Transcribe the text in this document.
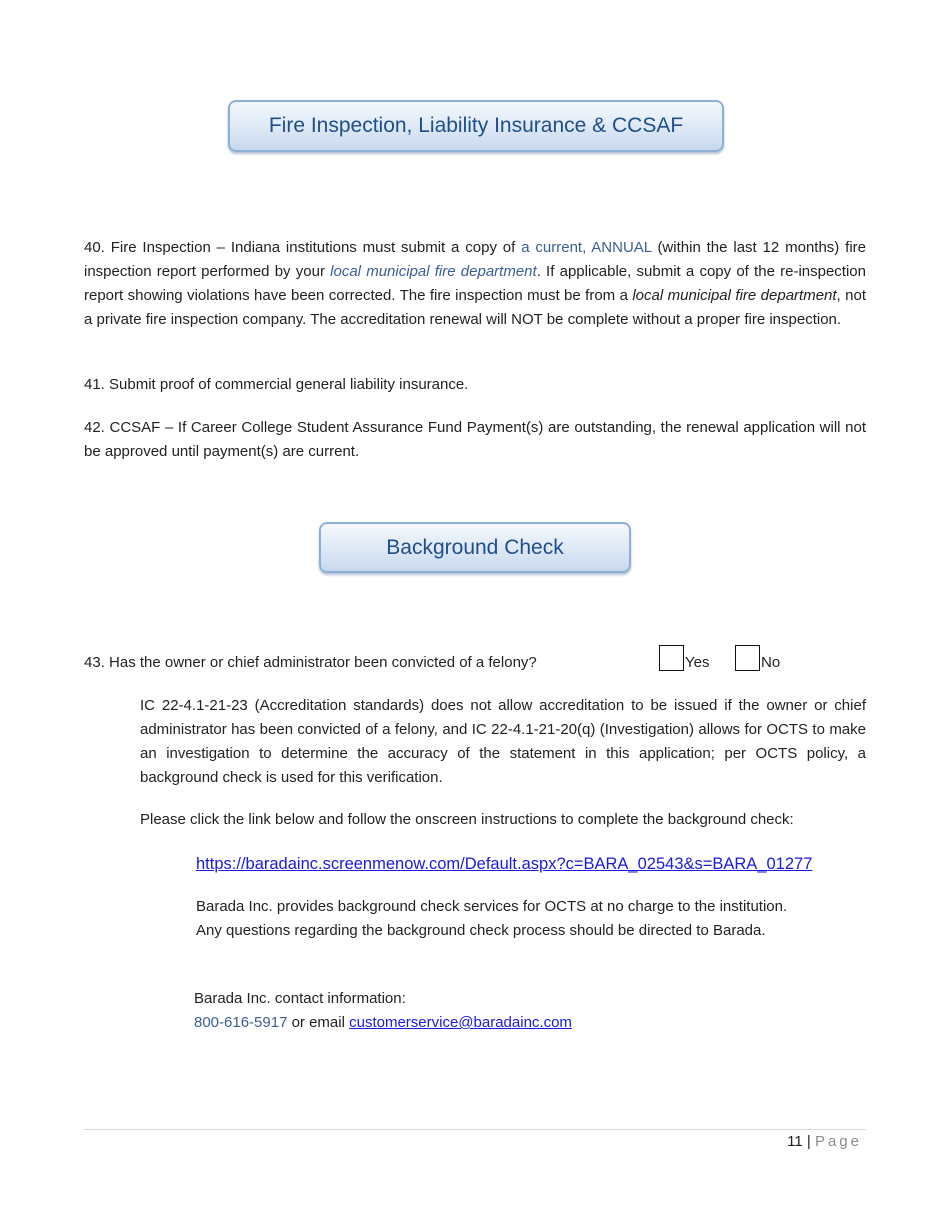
Fire Inspection, Liability Insurance & CCSAF
40. Fire Inspection – Indiana institutions must submit a copy of a current, ANNUAL (within the last 12 months) fire inspection report performed by your local municipal fire department. If applicable, submit a copy of the re-inspection report showing violations have been corrected. The fire inspection must be from a local municipal fire department, not a private fire inspection company. The accreditation renewal will NOT be complete without a proper fire inspection.
41. Submit proof of commercial general liability insurance.
42. CCSAF – If Career College Student Assurance Fund Payment(s) are outstanding, the renewal application will not be approved until payment(s) are current.
Background Check
43. Has the owner or chief administrator been convicted of a felony?	Yes	No
IC 22-4.1-21-23 (Accreditation standards) does not allow accreditation to be issued if the owner or chief administrator has been convicted of a felony, and IC 22-4.1-21-20(q) (Investigation) allows for OCTS to make an investigation to determine the accuracy of the statement in this application; per OCTS policy, a background check is used for this verification.
Please click the link below and follow the onscreen instructions to complete the background check:
https://baradainc.screenmenow.com/Default.aspx?c=BARA_02543&s=BARA_01277
Barada Inc. provides background check services for OCTS at no charge to the institution.
Any questions regarding the background check process should be directed to Barada.
Barada Inc. contact information:
800-616-5917 or email customerservice@baradainc.com
11 | Page
